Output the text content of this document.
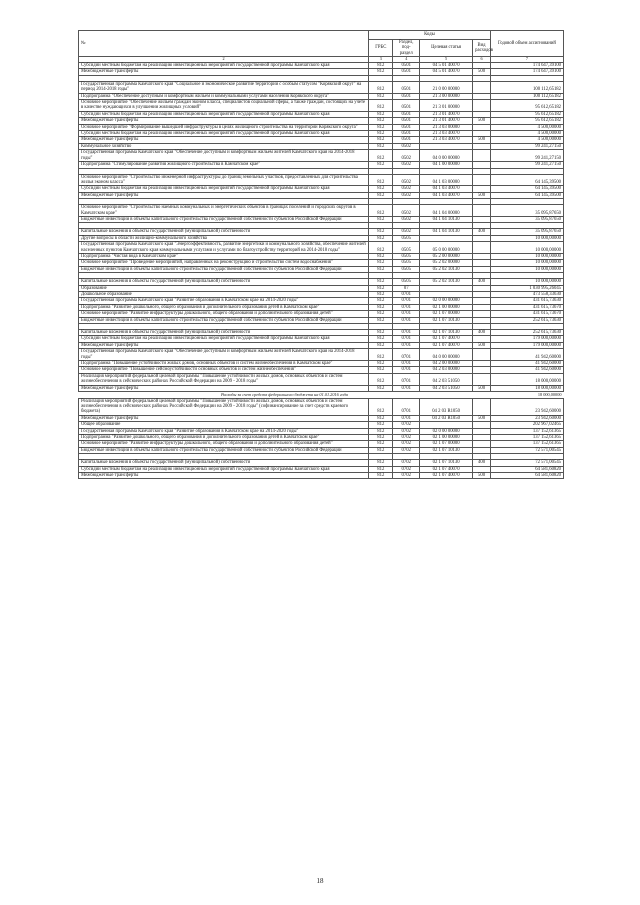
№	Коды				Годовой объем ассигнований
	ГРБС	Раздел, под-раздел	Целевая статья	Вид расходов	
2	3	4	5	6	7
Субсидии местным бюджетам на реализацию инвестиционных мероприятий государственной программы Камчатского края	812	0501	04 5 01 40070		174 647,39100
Межбюджетные трансферты	812	0501	04 5 01 40070	500	174 647,39100

Государственная программа Камчатского края "Социальное и экономическое развитие территории с особым статусом "Корякский округ" на период 2014-2018 годы"	812	0501	21 0 00 00000		100 112,65182
Подпрограмма "Обеспечение доступным и комфортным жильем и коммунальными услугами населения Корякского округа"	812	0501	21 3 00 00000		100 112,65182
Основное мероприятие "Обеспечение жильем граждан эконом класса, специалистов социальной сферы, а также граждан, состоящих на учете в качестве нуждающихся в улучшении жилищных условий"	812	0501	21 3 01 00000		95 612,65182
Субсидии местным бюджетам на реализацию инвестиционных мероприятий государственной программы Камчатского края	812	0501	21 3 01 40070		95 612,65182
Межбюджетные трансферты	812	0501	21 3 01 40070	500	95 612,65182
Основное мероприятие "Формирование вышедшей инфраструктуры в целях жилищного строительства на территории Корякского округа"	812	0501	21 3 03 00000		4 500,00000
Субсидии местным бюджетам на реализацию инвестиционных мероприятий государственной программы Камчатского края	812	0501	21 3 03 40070		4 500,00000
Межбюджетные трансферты	812	0501	21 3 03 40070	500	4 500,00000
Коммунальное хозяйство	812	0502			99 241,27150
Государственная программа Камчатского края "Обеспечение доступным и комфортным жильем жителей Камчатского края на 2014-2018 годы"	812	0502	04 0 00 00000		99 241,27150
Подпрограмма "Стимулирование развития жилищного строительства в Камчатском крае"	812	0502	04 1 00 00000		99 241,27150

Основное мероприятие "Строительство инженерной инфраструктуры до границ земельных участков, предоставленных для строительства жилья эконом класса"	812	0502	04 1 03 00000		64 145,39500
Субсидии местным бюджетам на реализацию инвестиционных мероприятий государственной программы Камчатского края	812	0502	04 1 03 40070		64 145,39500
Межбюджетные трансферты	812	0502	04 1 03 40070	500	64 145,39500

Основное мероприятие "Строительство наемных коммунальных и энергетических объектов в границах поселений и городских округов в Камчатском крае"	812	0502	04 1 04 00000		35 095,87650
Бюджетные инвестиции в объекты капитального строительства государственной собственности субъектов Российской Федерации	812	0502	04 1 04 10130		35 095,87650

Капитальные вложения в объекты государственной (муниципальной) собственности	812	0502	04 1 04 10130	400	35 095,87650
Другие вопросы в области жилищно-коммунального хозяйства	812	0505			10 000,00000
Государственная программа Камчатского края "Энергоэффективность, развитие энергетики и коммунального хозяйства, обеспечение жителей населенных пунктов Камчатского края коммунальными услугами и услугами по благоустройству территорий на 2014-2018 годы"	812	0505	05 0 00 00000		10 000,00000
Подпрограмма "Чистая вода в Камчатском крае"	812	0505	05 2 00 00000		10 000,00000
Основное мероприятие "Проведение мероприятий, направленных на реконструкцию и строительство систем водоснабжения"	812	0505	05 2 02 00000		10 000,00000
Бюджетные инвестиции в объекты капитального строительства государственной собственности субъектов Российской Федерации	812	0505	05 2 02 10130		10 000,00000

Капитальные вложения в объекты государственной (муниципальной) собственности	812	0505	05 2 02 10130	400	10 000,00000
Образование	812	07			1 030 995,26045
Дошкольное образование	812	0701			473 558,33630
Государственная программа Камчатского края "Развитие образования в Камчатском крае на 2014-2020 годы"	812	0701	02 0 00 00000		431 615,73630
Подпрограмма "Развитие дошкольного, общего образования и дополнительного образования детей в Камчатском крае"	812	0701	02 1 00 00000		431 615,73670
Основное мероприятие "Развитие инфраструктуры дошкольного, общего образования и дополнительного образования детей"	812	0701	02 1 07 00000		431 615,73670
Бюджетные инвестиции в объекты капитального строительства государственной собственности субъектов Российской Федерации	812	0701	02 1 07 10130		252 615,73630

Капитальные вложения в объекты государственной (муниципальной) собственности	812	0701	02 1 07 10130	400	252 615,73630
Субсидии местным бюджетам на реализацию инвестиционных мероприятий государственной программы Камчатского края	812	0701	02 1 07 40070		179 000,00000
Межбюджетные трансферты	812	0701	02 1 07 40070	500	179 000,00000
Государственная программа Камчатского края "Обеспечение доступным и комфортным жильем жителей Камчатского края на 2014-2018 годы"	812	0701	04 0 00 00000		41 942,60000
Подпрограмма "Повышение устойчивости жилых домов, основных объектов и систем жизнеобеспечения в Камчатском крае"	812	0701	04 2 00 00000		41 942,60000
Основное мероприятие "Повышение сейсмоустойчивости основных объектов и систем жизнеобеспечения"	812	0701	04 2 03 00000		41 942,60000
Реализация мероприятий федеральной целевой программы "Повышение устойчивости жилых домов, основных объектов и систем жизнеобеспечения в сейсмических районах Российской Федерации на 2009 - 2018 годы"	812	0701	04 2 03 51050		18 000,00000
Межбюджетные трансферты	812	0701	04 2 03 51050	500	18 000,00000
Расходы за счет средств федерального бюджета на 01.01.2016 года					18 000,00000
Реализация мероприятий федеральной целевой программы "Повышение устойчивости жилых домов, основных объектов и систем жизнеобеспечения в сейсмических районах Российской Федерации на 2009 - 2018 годы" (софинансирование за счет средств краевого бюджета)	812	0701	04 2 03 R1050		23 942,60000
Межбюджетные трансферты	812	0701	04 2 03 R1050	500	23 942,60000
Общее образование	812	0702			202 967,02465
Государственная программа Камчатского края "Развитие образования в Камчатском крае на 2014-2020 годы"	812	0702	02 0 00 00000		137 152,61365
Подпрограмма "Развитие дошкольного, общего образования и дополнительного образования детей в Камчатском крае"	812	0702	02 1 00 00000		137 152,61365
Основное мероприятие "Развитие инфраструктуры дошкольного, общего образования и дополнительного образования детей"	812	0702	02 1 07 00000		137 152,61365
Бюджетные инвестиции в объекты капитального строительства государственной собственности субъектов Российской Федерации	812	0702	02 1 07 10130		72 571,00545

Капитальные вложения в объекты государственной (муниципальной) собственности	812	0702	02 1 07 10130	400	72 571,00545
Субсидии местным бюджетам на реализацию инвестиционных мероприятий государственной программы Камчатского края	812	0702	02 1 07 40070		64 581,60820
Межбюджетные трансферты	812	0702	02 1 07 40070	500	64 581,60820
18
